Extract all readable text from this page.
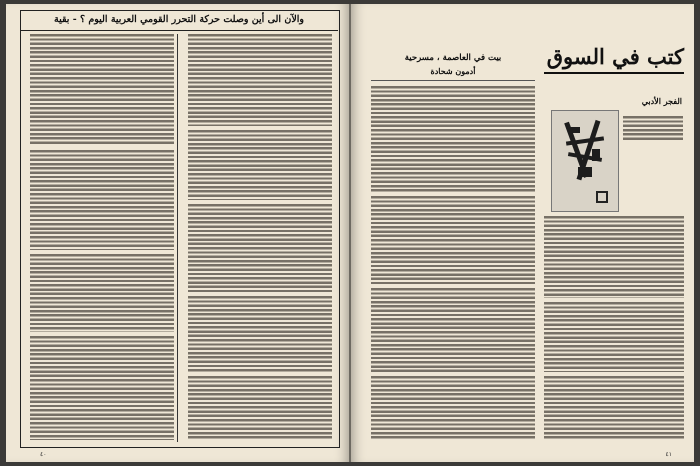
والآن الى أين وصلت حركة التحرر القومي العربية اليوم ؟ - بقية
٤٠
كتب في السوق
الفجر الأدبي
بيت في العاصمة ، مسرحية
أدمون شحادة
٤١
